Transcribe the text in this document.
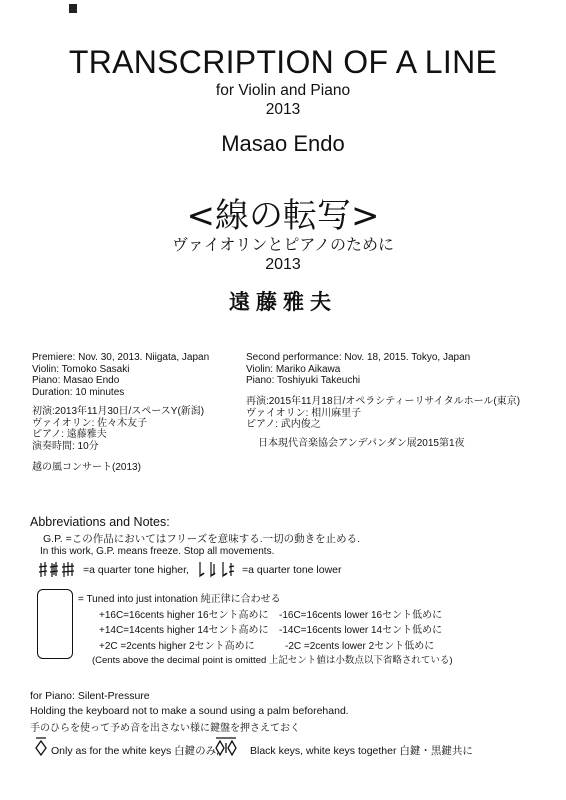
TRANSCRIPTION OF A LINE
for Violin and Piano
2013
Masao Endo
<線の転写>
ヴァイオリンとピアノのために
2013
遠藤雅夫
Premiere: Nov. 30, 2013. Niigata, Japan
Violin: Tomoko Sasaki
Piano: Masao Endo
Duration: 10 minutes
初演:2013年11月30日/スペースY(新潟)
ヴァイオリン: 佐々木友子
ピアノ: 遠藤雅夫
演奏時間: 10分
越の風コンサート(2013)
Second performance: Nov. 18, 2015. Tokyo, Japan
Violin: Mariko Aikawa
Piano: Toshiyuki Takeuchi
再演:2015年11月18日/オペラシティーリサイタルホール(東京)
ヴァイオリン: 相川麻里子
ピアノ: 武内俊之
日本現代音楽協会アンデパンダン展2015第1夜
Abbreviations and Notes:
G.P. =この作品においてはフリーズを意味する.一切の動きを止める.
In this work, G.P. means freeze. Stop all movements.
=a quarter tone higher,	=a quarter tone lower
= Tuned into just intonation 純正律に合わせる
+16C=16cents higher 16セント高めに -16C=16cents lower 16セント低めに
+14C=14cents higher 14セント高めに -14C=16cents lower 14セント低めに
+2C =2cents higher 2セント高めに	-2C =2cents lower 2セント低めに
(Cents above the decimal point is omitted 上記セント値は小数点以下省略されている)
for Piano: Silent-Pressure
Holding the keyboard not to make a sound using a palm beforehand.
手のひらを使って予め音を出さない様に鍵盤を押さえておく
Only as for the white keys 白鍵のみ,	Black keys, white keys together 白鍵・黒鍵共に
